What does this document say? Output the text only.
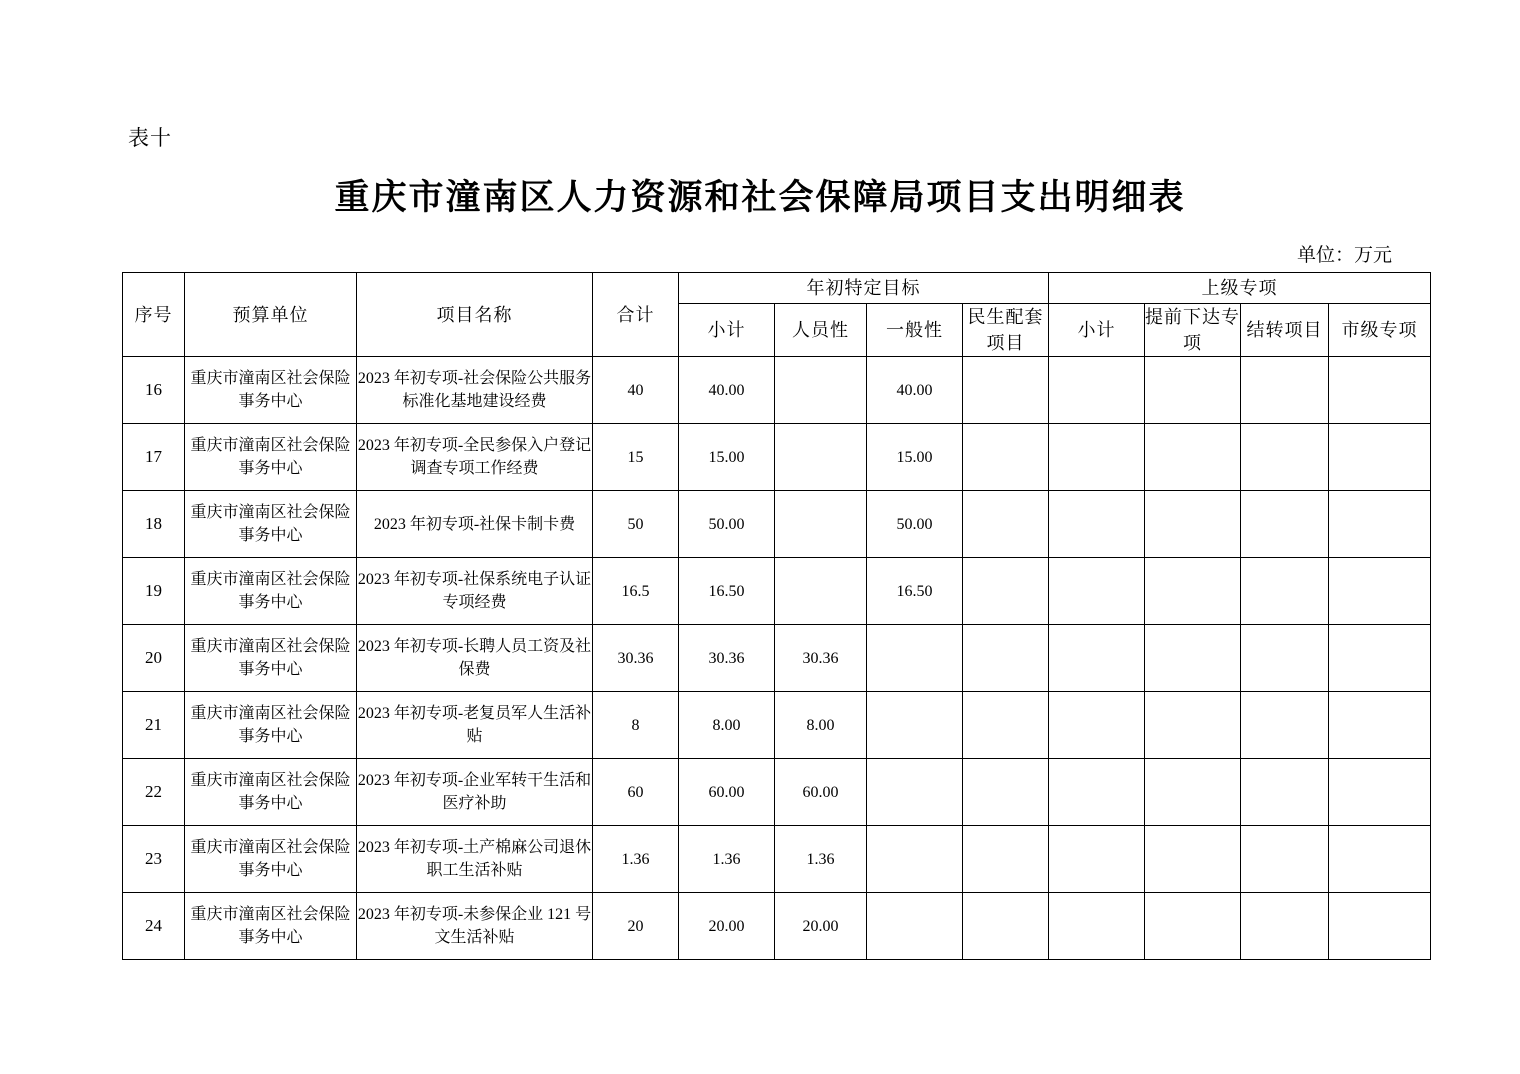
表十
重庆市潼南区人力资源和社会保障局项目支出明细表
单位：万元
序号	预算单位	项目名称	合计	年初特定目标				上级专项			
				小计	人员性	一般性	民生配套项目	小计	提前下达专项	结转项目	市级专项
16	重庆市潼南区社会保险事务中心	2023 年初专项-社会保险公共服务标准化基地建设经费	40	40.00		40.00					
17	重庆市潼南区社会保险事务中心	2023 年初专项-全民参保入户登记调查专项工作经费	15	15.00		15.00					
18	重庆市潼南区社会保险事务中心	2023 年初专项-社保卡制卡费	50	50.00		50.00					
19	重庆市潼南区社会保险事务中心	2023 年初专项-社保系统电子认证专项经费	16.5	16.50		16.50					
20	重庆市潼南区社会保险事务中心	2023 年初专项-长聘人员工资及社保费	30.36	30.36	30.36						
21	重庆市潼南区社会保险事务中心	2023 年初专项-老复员军人生活补贴	8	8.00	8.00						
22	重庆市潼南区社会保险事务中心	2023 年初专项-企业军转干生活和医疗补助	60	60.00	60.00						
23	重庆市潼南区社会保险事务中心	2023 年初专项-土产棉麻公司退休职工生活补贴	1.36	1.36	1.36						
24	重庆市潼南区社会保险事务中心	2023 年初专项-未参保企业 121 号文生活补贴	20	20.00	20.00						
